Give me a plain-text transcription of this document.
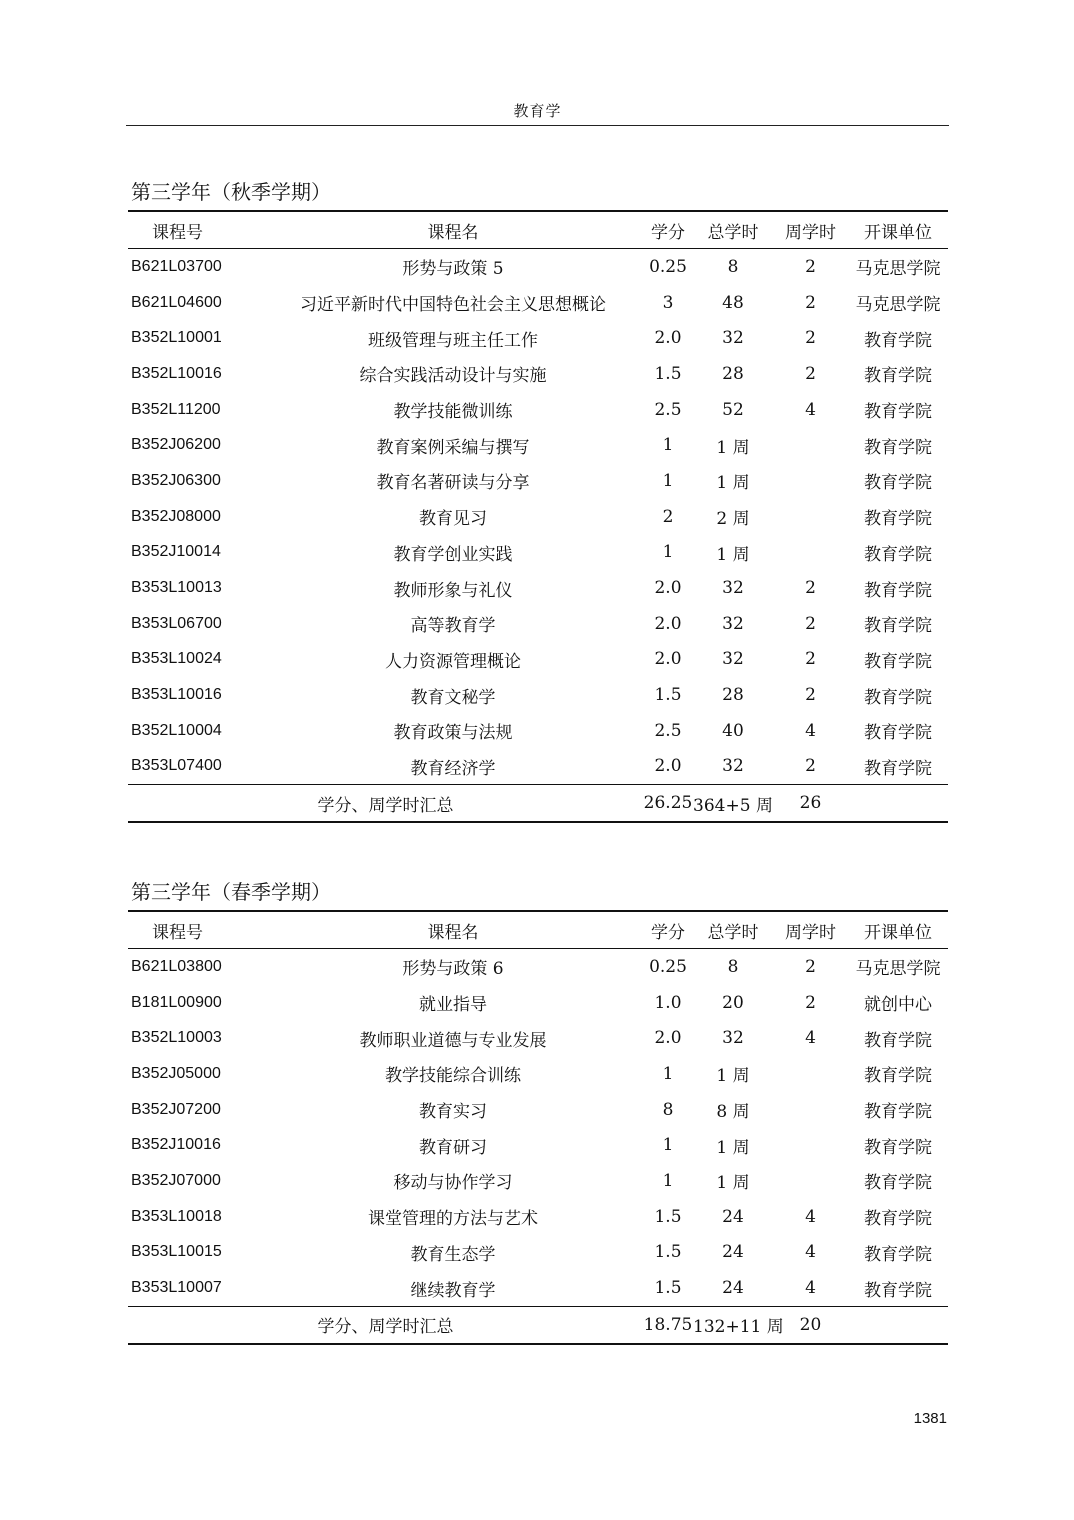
教育学
第三学年（秋季学期）
课程号	课程名	学分	总学时	周学时	开课单位
B621L03700	形势与政策 5	0.25	8	2	马克思学院
B621L04600	习近平新时代中国特色社会主义思想概论	3	48	2	马克思学院
B352L10001	班级管理与班主任工作	2.0	32	2	教育学院
B352L10016	综合实践活动设计与实施	1.5	28	2	教育学院
B352L11200	教学技能微训练	2.5	52	4	教育学院
B352J06200	教育案例采编与撰写	1	1 周		教育学院
B352J06300	教育名著研读与分享	1	1 周		教育学院
B352J08000	教育见习	2	2 周		教育学院
B352J10014	教育学创业实践	1	1 周		教育学院
B353L10013	教师形象与礼仪	2.0	32	2	教育学院
B353L06700	高等教育学	2.0	32	2	教育学院
B353L10024	人力资源管理概论	2.0	32	2	教育学院
B353L10016	教育文秘学	1.5	28	2	教育学院
B352L10004	教育政策与法规	2.5	40	4	教育学院
B353L07400	教育经济学	2.0	32	2	教育学院
学分、周学时汇总		26.25	364+5 周	26	
第三学年（春季学期）
课程号	课程名	学分	总学时	周学时	开课单位
B621L03800	形势与政策 6	0.25	8	2	马克思学院
B181L00900	就业指导	1.0	20	2	就创中心
B352L10003	教师职业道德与专业发展	2.0	32	4	教育学院
B352J05000	教学技能综合训练	1	1 周		教育学院
B352J07200	教育实习	8	8 周		教育学院
B352J10016	教育研习	1	1 周		教育学院
B352J07000	移动与协作学习	1	1 周		教育学院
B353L10018	课堂管理的方法与艺术	1.5	24	4	教育学院
B353L10015	教育生态学	1.5	24	4	教育学院
B353L10007	继续教育学	1.5	24	4	教育学院
学分、周学时汇总		18.75	132+11 周	20	
1381
